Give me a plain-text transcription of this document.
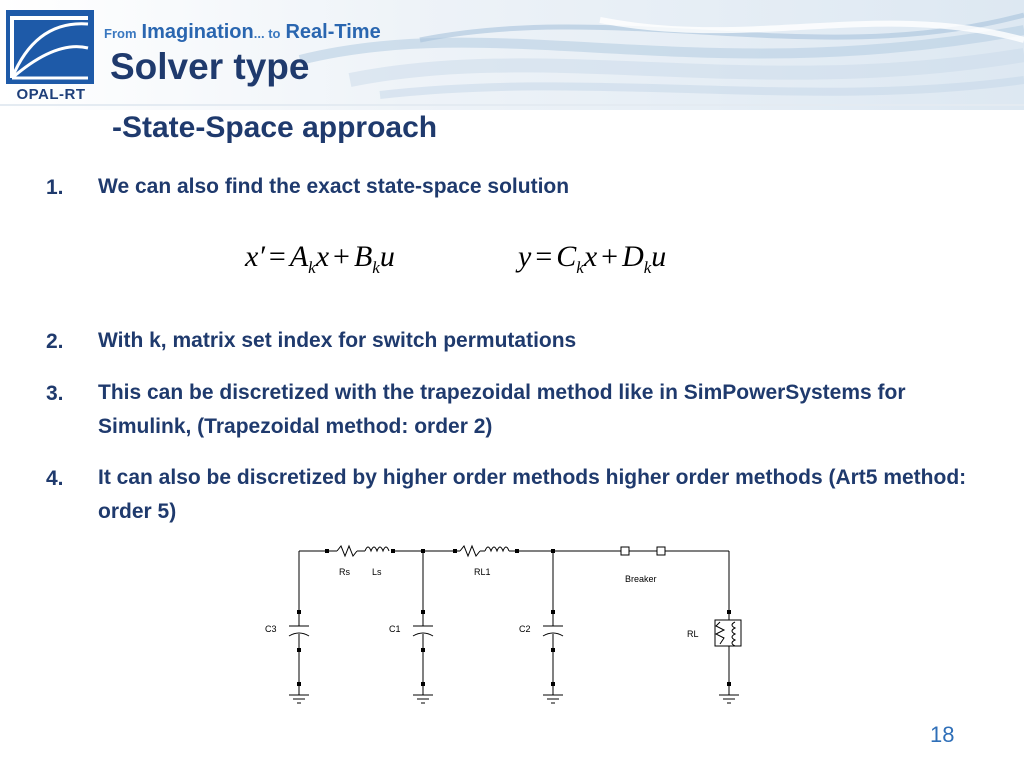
OPAL-RT
From Imagination... to Real-Time
Solver type
-State-Space approach
1.	We can also find the exact state-space solution
$x' = A_kx + B_ku$	$y = C_kx + D_ku$
2.	With k, matrix set index for switch permutations
3.	This can be discretized with the trapezoidal method like in SimPowerSystems for Simulink, (Trapezoidal method: order 2)
4.	It can also be discretized by higher order methods higher order methods (Art5 method: order 5)
Rs Ls	RL1
Breaker
C3	C1	C2	RL
18
